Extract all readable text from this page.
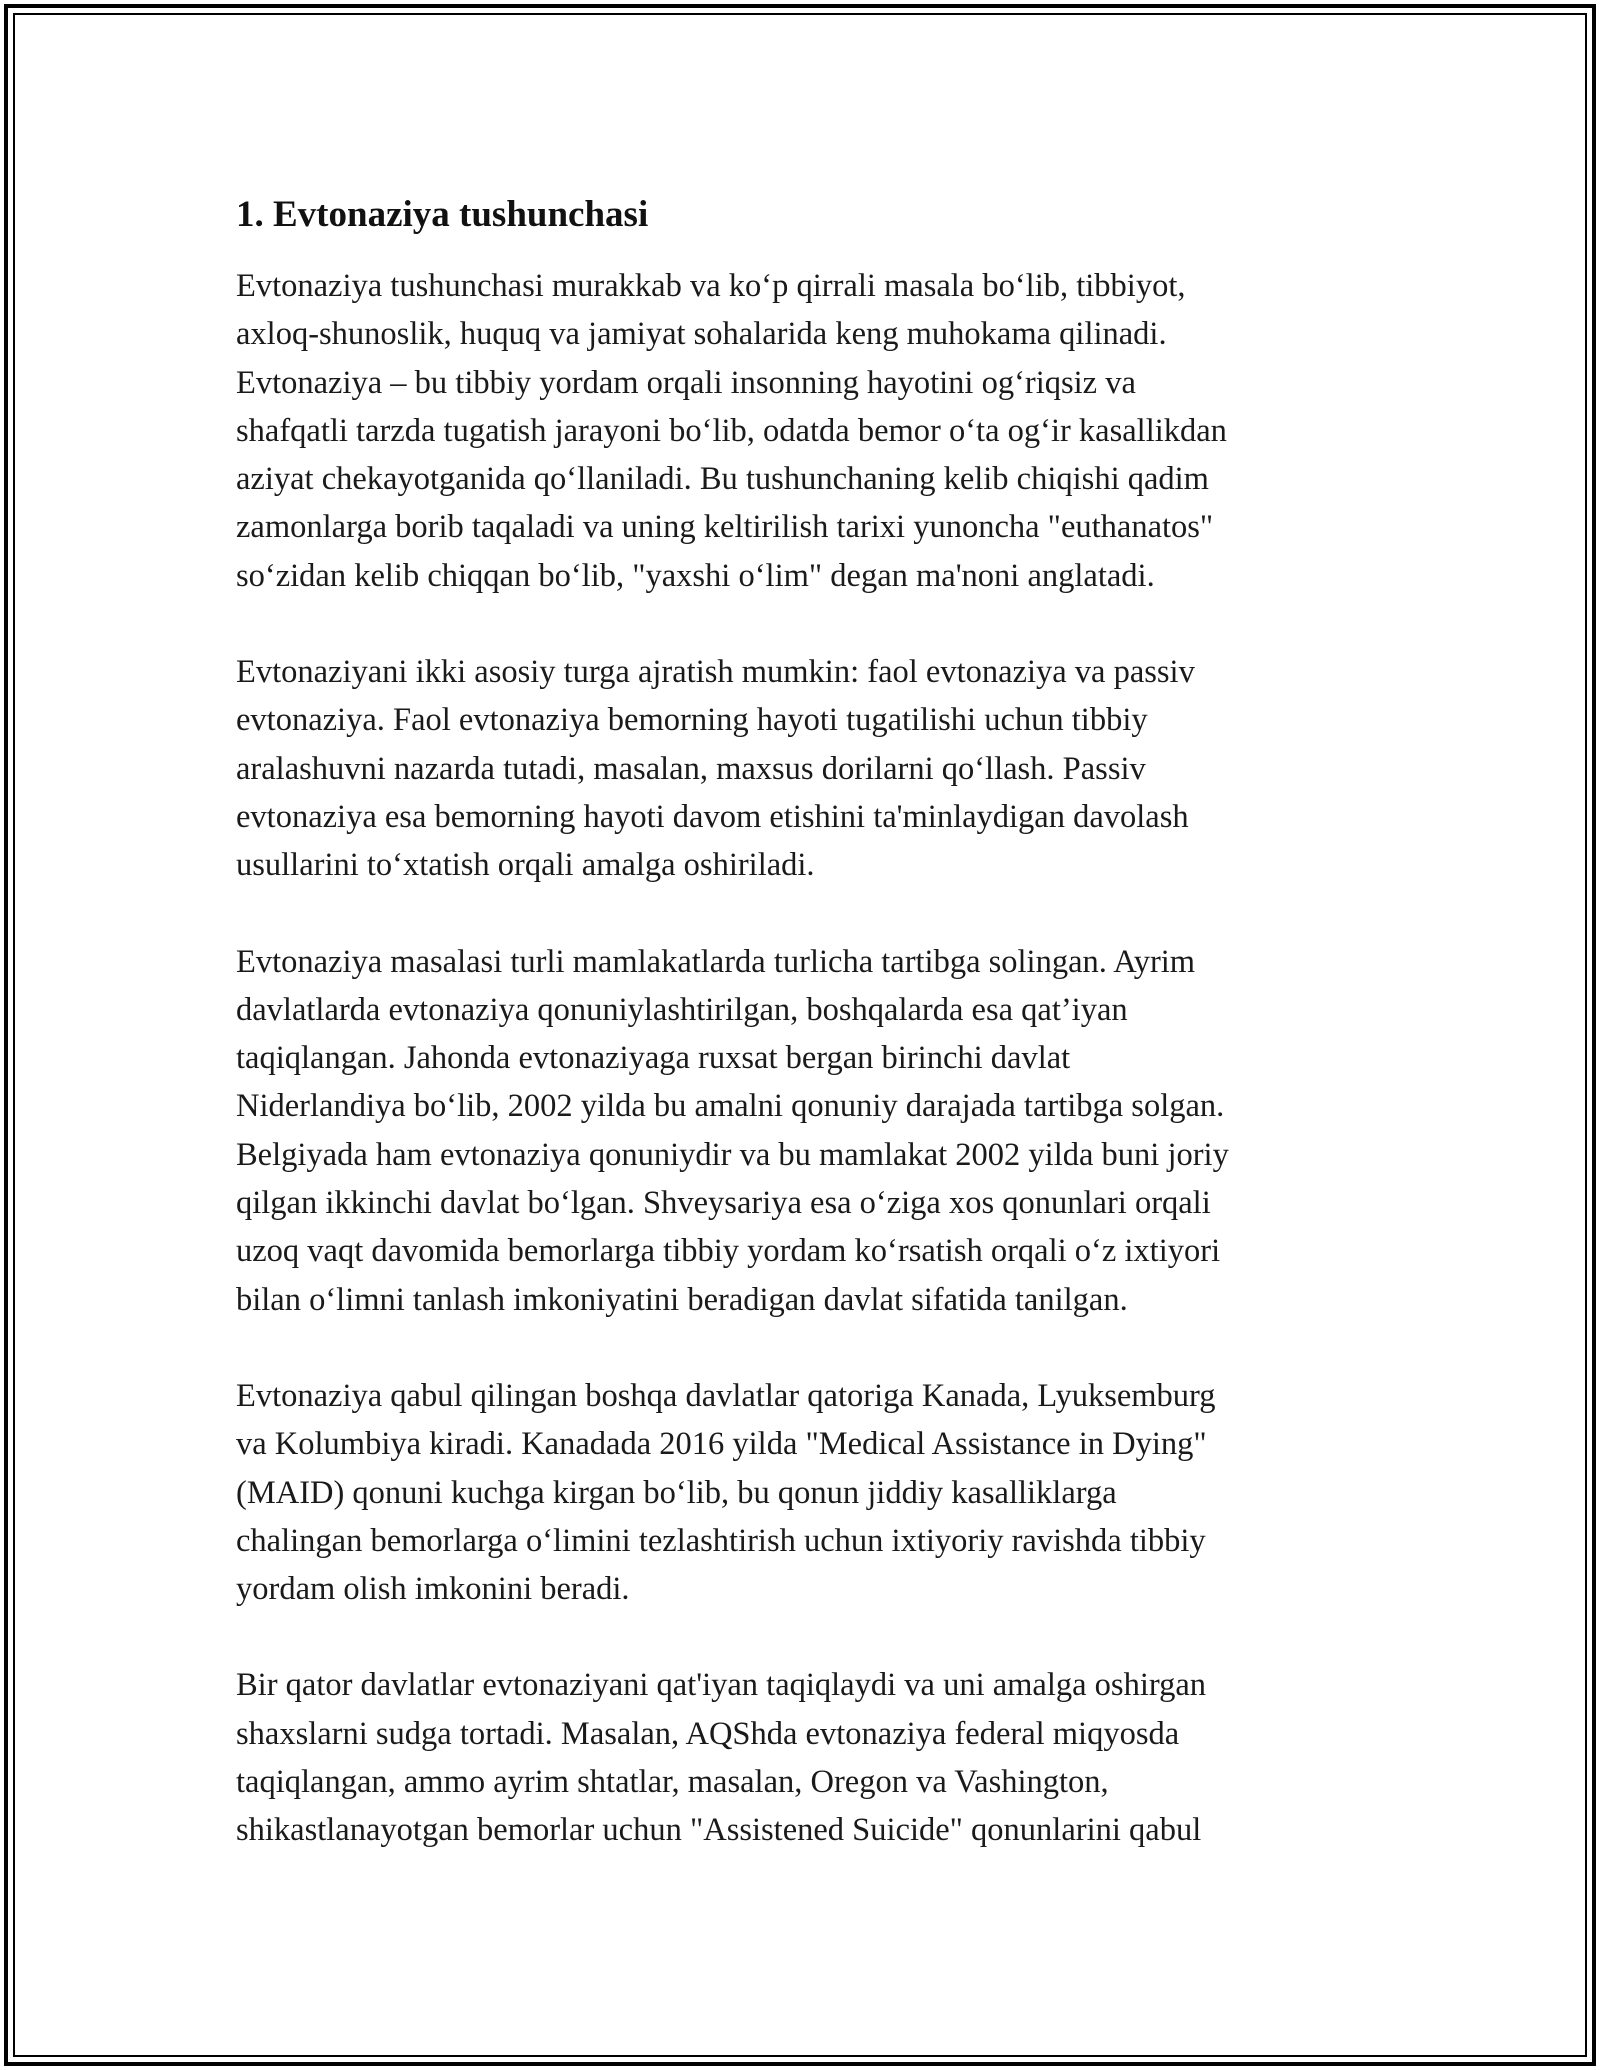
1. Evtonaziya tushunchasi

Evtonaziya tushunchasi murakkab va koʻp qirrali masala boʻlib, tibbiyot,
axloq-shunoslik, huquq va jamiyat sohalarida keng muhokama qilinadi.
Evtonaziya – bu tibbiy yordam orqali insonning hayotini ogʻriqsiz va
shafqatli tarzda tugatish jarayoni boʻlib, odatda bemor oʻta ogʻir kasallikdan
aziyat chekayotganida qoʻllaniladi. Bu tushunchaning kelib chiqishi qadim
zamonlarga borib taqaladi va uning keltirilish tarixi yunoncha "euthanatos"
soʻzidan kelib chiqqan boʻlib, "yaxshi oʻlim" degan ma'noni anglatadi.

Evtonaziyani ikki asosiy turga ajratish mumkin: faol evtonaziya va passiv
evtonaziya. Faol evtonaziya bemorning hayoti tugatilishi uchun tibbiy
aralashuvni nazarda tutadi, masalan, maxsus dorilarni qoʻllash. Passiv
evtonaziya esa bemorning hayoti davom etishini ta'minlaydigan davolash
usullarini toʻxtatish orqali amalga oshiriladi.

Evtonaziya masalasi turli mamlakatlarda turlicha tartibga solingan. Ayrim
davlatlarda evtonaziya qonuniylashtirilgan, boshqalarda esa qat’iyan
taqiqlangan. Jahonda evtonaziyaga ruxsat bergan birinchi davlat
Niderlandiya boʻlib, 2002 yilda bu amalni qonuniy darajada tartibga solgan.
Belgiyada ham evtonaziya qonuniydir va bu mamlakat 2002 yilda buni joriy
qilgan ikkinchi davlat boʻlgan. Shveysariya esa oʻziga xos qonunlari orqali
uzoq vaqt davomida bemorlarga tibbiy yordam koʻrsatish orqali oʻz ixtiyori
bilan oʻlimni tanlash imkoniyatini beradigan davlat sifatida tanilgan.

Evtonaziya qabul qilingan boshqa davlatlar qatoriga Kanada, Lyuksemburg
va Kolumbiya kiradi. Kanadada 2016 yilda "Medical Assistance in Dying"
(MAID) qonuni kuchga kirgan boʻlib, bu qonun jiddiy kasalliklarga
chalingan bemorlarga oʻlimini tezlashtirish uchun ixtiyoriy ravishda tibbiy
yordam olish imkonini beradi.

Bir qator davlatlar evtonaziyani qat'iyan taqiqlaydi va uni amalga oshirgan
shaxslarni sudga tortadi. Masalan, AQShda evtonaziya federal miqyosda
taqiqlangan, ammo ayrim shtatlar, masalan, Oregon va Vashington,
shikastlanayotgan bemorlar uchun "Assistened Suicide" qonunlarini qabul
